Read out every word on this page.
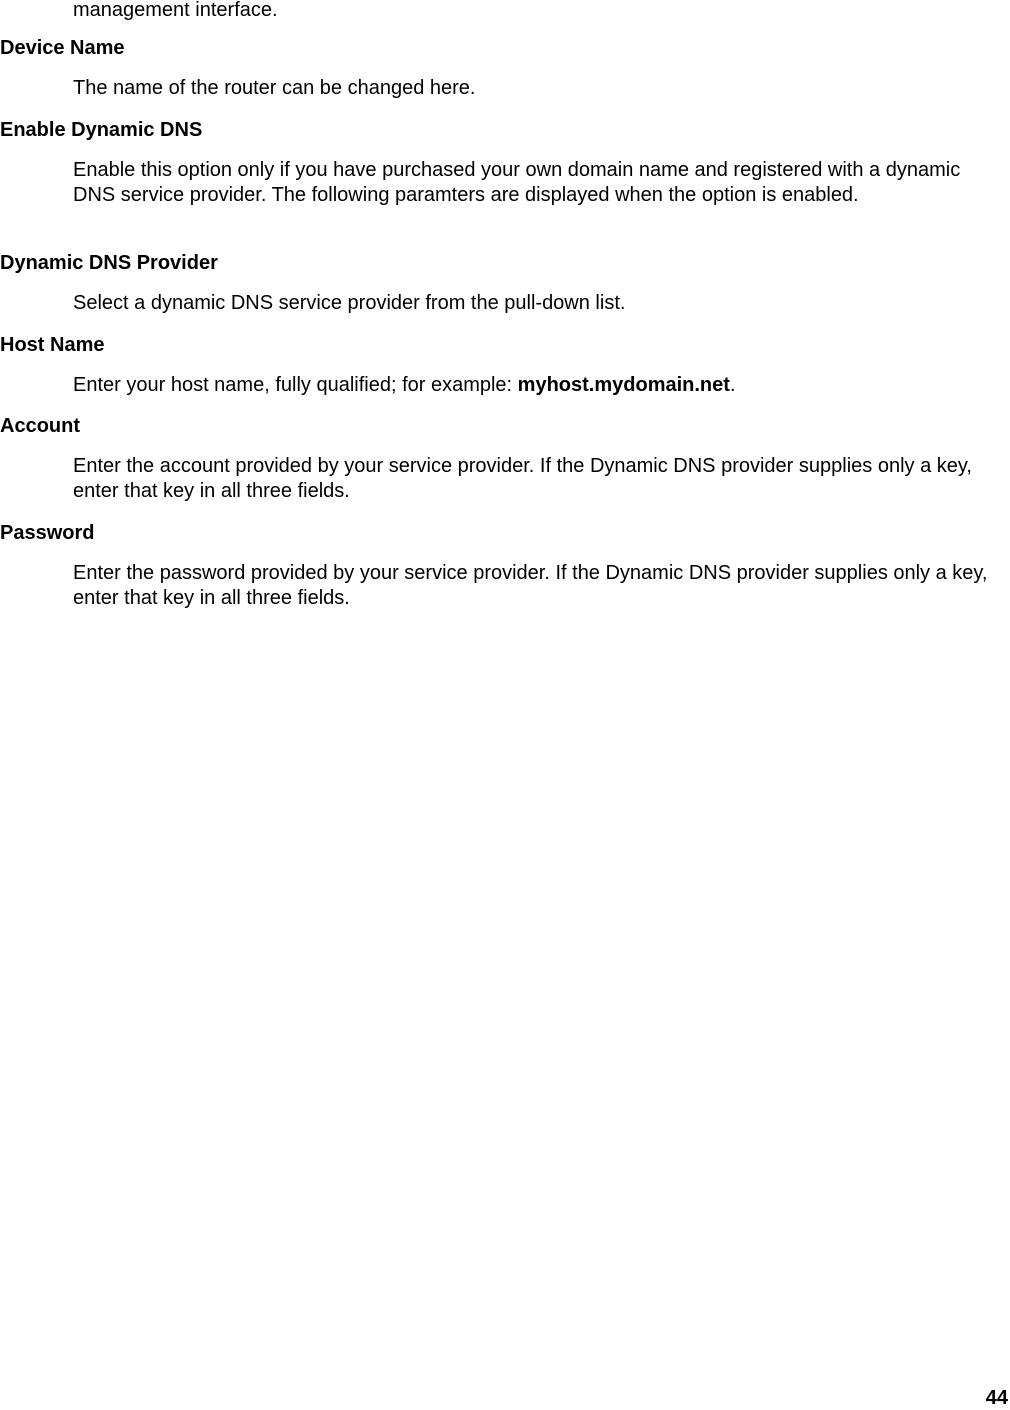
management interface.

Device Name

The name of the router can be changed here.

Enable Dynamic DNS

Enable this option only if you have purchased your own domain name and registered with a dynamic DNS service provider. The following paramters are displayed when the option is enabled.

Dynamic DNS Provider

Select a dynamic DNS service provider from the pull-down list.

Host Name

Enter your host name, fully qualified; for example: myhost.mydomain.net.

Account

Enter the account provided by your service provider. If the Dynamic DNS provider supplies only a key, enter that key in all three fields.

Password

Enter the password provided by your service provider. If the Dynamic DNS provider supplies only a key, enter that key in all three fields.

44
